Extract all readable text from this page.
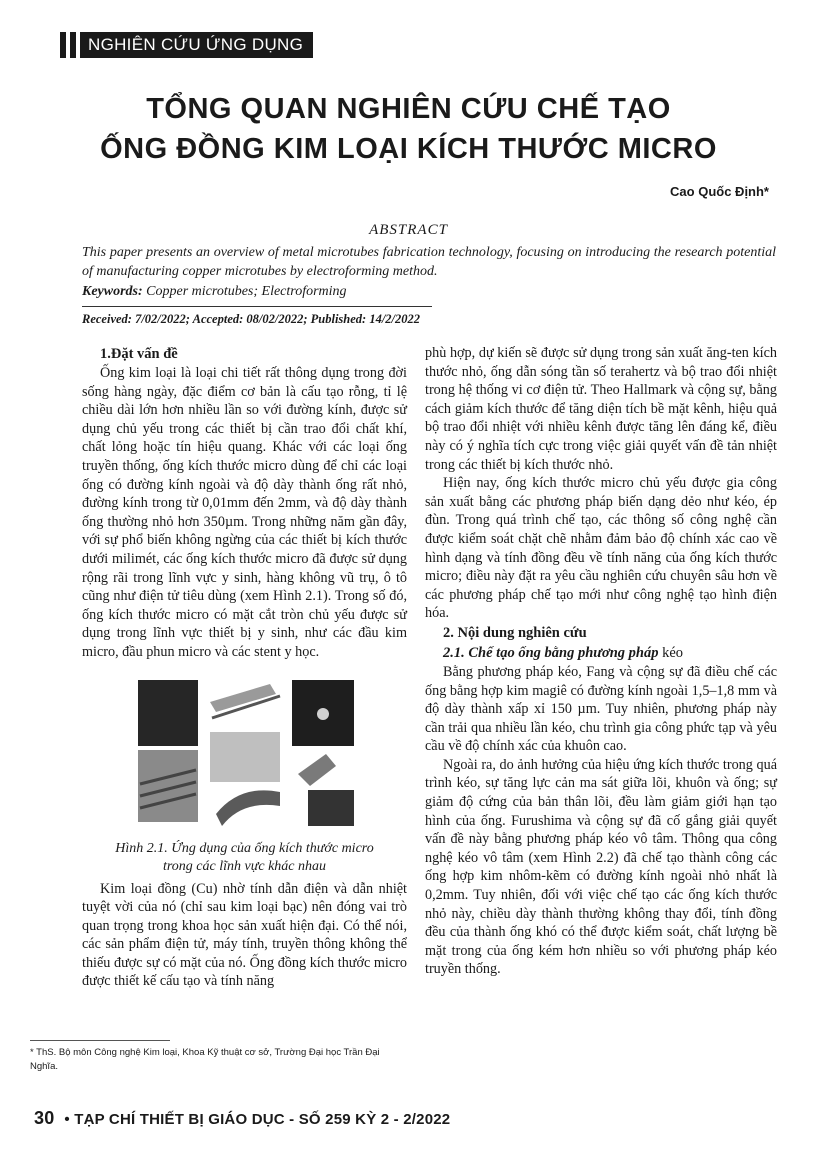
NGHIÊN CỨU ỨNG DỤNG
TỔNG QUAN NGHIÊN CỨU CHẾ TẠO
ỐNG ĐỒNG KIM LOẠI KÍCH THƯỚC MICRO
Cao Quốc Định*
ABSTRACT
This paper presents an overview of metal microtubes fabrication technology, focusing on introducing the research potential of manufacturing copper microtubes by electroforming method.
Keywords: Copper microtubes; Electroforming
Received: 7/02/2022; Accepted: 08/02/2022; Published: 14/2/2022
1.Đặt vấn đề

Ống kim loại là loại chi tiết rất thông dụng trong đời sống hàng ngày, đặc điểm cơ bản là cấu tạo rỗng, tỉ lệ chiều dài lớn hơn nhiều lần so với đường kính, được sử dụng chủ yếu trong các thiết bị cần trao đổi chất khí, chất lỏng hoặc tín hiệu quang. Khác với các loại ống truyền thống, ống kích thước micro dùng để chỉ các loại ống có đường kính ngoài và độ dày thành ống rất nhỏ, đường kính trong từ 0,01mm đến 2mm, và độ dày thành ống thường nhỏ hơn 350µm. Trong những năm gần đây, với sự phổ biến không ngừng của các thiết bị kích thước dưới milimét, các ống kích thước micro đã được sử dụng rộng rãi trong lĩnh vực y sinh, hàng không vũ trụ, ô tô cũng như điện tử tiêu dùng (xem Hình 2.1). Trong số đó, ống kích thước micro có mặt cắt tròn chủ yếu được sử dụng trong lĩnh vực thiết bị y sinh, như các đầu kim micro, đầu phun micro và các stent y học.

Hình 2.1. Ứng dụng của ống kích thước micro
trong các lĩnh vực khác nhau

Kim loại đồng (Cu) nhờ tính dẫn điện và dẫn nhiệt tuyệt vời của nó (chỉ sau kim loại bạc) nên đóng vai trò quan trọng trong khoa học sản xuất hiện đại. Có thể nói, các sản phẩm điện tử, máy tính, truyền thông không thể thiếu được sự có mặt của nó. Ống đồng kích thước micro được thiết kế cấu tạo và tính năng

phù hợp, dự kiến sẽ được sử dụng trong sản xuất ăng-ten kích thước nhỏ, ống dẫn sóng tần số terahertz và bộ trao đổi nhiệt trong hệ thống vi cơ điện tử. Theo Hallmark và cộng sự, bằng cách giảm kích thước để tăng diện tích bề mặt kênh, hiệu quả bộ trao đổi nhiệt với nhiều kênh được tăng lên đáng kể, điều này có ý nghĩa tích cực trong việc giải quyết vấn đề tản nhiệt trong các thiết bị kích thước nhỏ.

Hiện nay, ống kích thước micro chủ yếu được gia công sản xuất bằng các phương pháp biến dạng dẻo như kéo, ép đùn. Trong quá trình chế tạo, các thông số công nghệ cần được kiểm soát chặt chẽ nhằm đảm bảo độ chính xác cao về hình dạng và tính đồng đều về tính năng của ống kích thước micro; điều này đặt ra yêu cầu nghiên cứu chuyên sâu hơn về các phương pháp chế tạo mới như công nghệ tạo hình điện hóa.

2. Nội dung nghiên cứu
2.1. Chế tạo ống bằng phương pháp kéo

Bằng phương pháp kéo, Fang và cộng sự đã điều chế các ống bằng hợp kim magiê có đường kính ngoài 1,5–1,8 mm và độ dày thành xấp xỉ 150 µm. Tuy nhiên, phương pháp này cần trải qua nhiều lần kéo, chu trình gia công phức tạp và yêu cầu về độ chính xác của khuôn cao.

Ngoài ra, do ảnh hưởng của hiệu ứng kích thước trong quá trình kéo, sự tăng lực cản ma sát giữa lõi, khuôn và ống; sự giảm độ cứng của bản thân lõi, đều làm giảm giới hạn tạo hình của ống. Furushima và cộng sự đã cố gắng giải quyết vấn đề này bằng phương pháp kéo vô tâm. Thông qua công nghệ kéo vô tâm (xem Hình 2.2) đã chế tạo thành công các ống hợp kim nhôm-kẽm có đường kính ngoài nhỏ nhất là 0,2mm. Tuy nhiên, đối với việc chế tạo các ống kích thước nhỏ này, chiều dày thành thường không thay đổi, tính đồng đều của thành ống khó có thể được kiểm soát, chất lượng bề mặt trong của ống kém hơn nhiều so với phương pháp kéo truyền thống.

* ThS. Bộ môn Công nghệ Kim loại, Khoa Kỹ thuật cơ sở, Trường Đại học Trần Đại Nghĩa.
30 • TẠP CHÍ THIẾT BỊ GIÁO DỤC - SỐ 259 KỲ 2 - 2/2022
